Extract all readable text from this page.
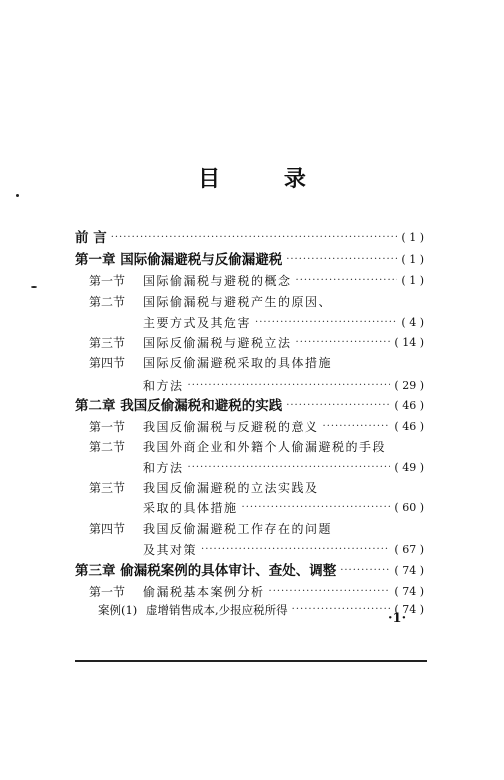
目 录
前 言 ·····	( 1 )
第一章 国际偷漏避税与反偷漏避税 ·····	( 1 )
第一节	国际偷漏税与避税的概念 ·····	( 1 )
第二节	国际偷漏税与避税产生的原因、
主要方式及其危害 ·····	( 4 )
第三节	国际反偷漏税与避税立法 ·····	( 14 )
第四节	国际反偷漏避税采取的具体措施
和方法 ·····	( 29 )
第二章 我国反偷漏税和避税的实践 ·····	( 46 )
第一节	我国反偷漏税与反避税的意义 ·····	( 46 )
第二节	我国外商企业和外籍个人偷漏避税的手段
和方法 ·····	( 49 )
第三节	我国反偷漏避税的立法实践及
采取的具体措施 ·····	( 60 )
第四节	我国反偷漏避税工作存在的问题
及其对策 ·····	( 67 )
第三章 偷漏税案例的具体审计、查处、调整 ·····	( 74 )
第一节	偷漏税基本案例分析 ·····	( 74 )
案例(1) 虚增销售成本,少报应税所得 ·····	( 74 )
·1·
